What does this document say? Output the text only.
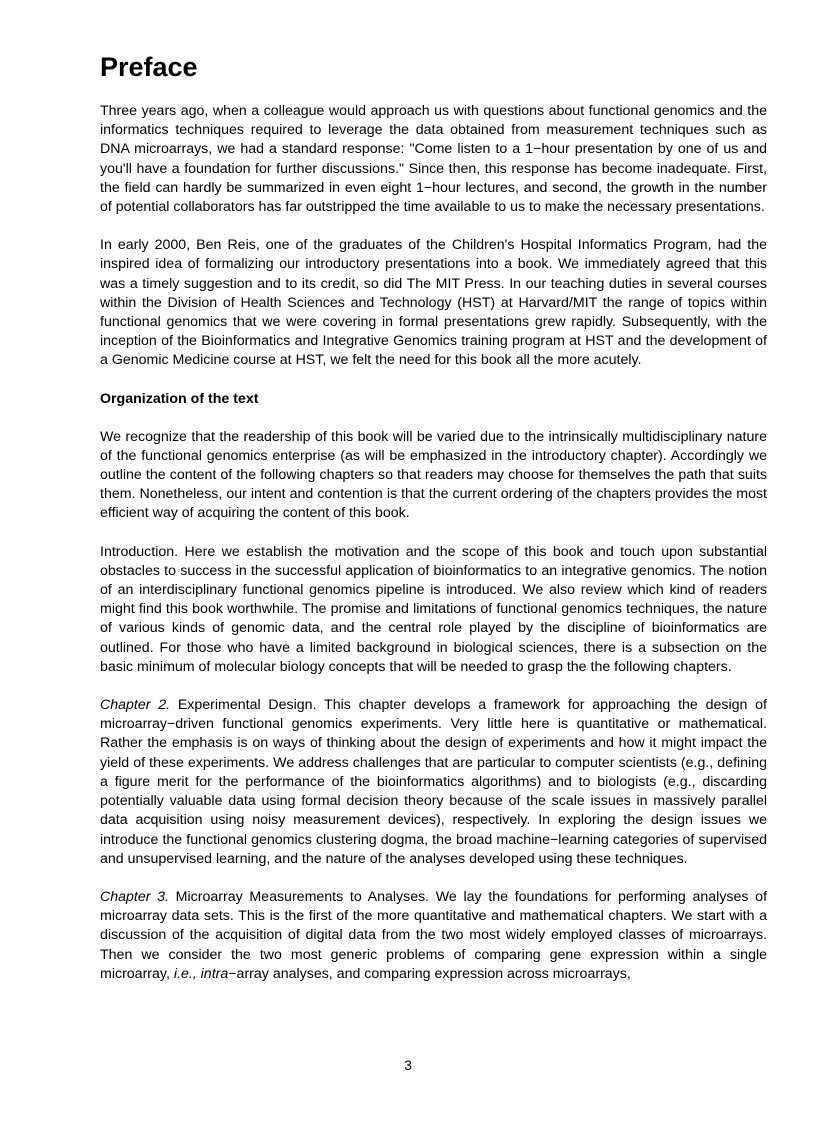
Preface

Three years ago, when a colleague would approach us with questions about functional genomics and the informatics techniques required to leverage the data obtained from measurement techniques such as DNA microarrays, we had a standard response: "Come listen to a 1−hour presentation by one of us and you'll have a foundation for further discussions." Since then, this response has become inadequate. First, the field can hardly be summarized in even eight 1−hour lectures, and second, the growth in the number of potential collaborators has far outstripped the time available to us to make the necessary presentations.

In early 2000, Ben Reis, one of the graduates of the Children's Hospital Informatics Program, had the inspired idea of formalizing our introductory presentations into a book. We immediately agreed that this was a timely suggestion and to its credit, so did The MIT Press. In our teaching duties in several courses within the Division of Health Sciences and Technology (HST) at Harvard/MIT the range of topics within functional genomics that we were covering in formal presentations grew rapidly. Subsequently, with the inception of the Bioinformatics and Integrative Genomics training program at HST and the development of a Genomic Medicine course at HST, we felt the need for this book all the more acutely.

Organization of the text

We recognize that the readership of this book will be varied due to the intrinsically multidisciplinary nature of the functional genomics enterprise (as will be emphasized in the introductory chapter). Accordingly we outline the content of the following chapters so that readers may choose for themselves the path that suits them. Nonetheless, our intent and contention is that the current ordering of the chapters provides the most efficient way of acquiring the content of this book.

Introduction. Here we establish the motivation and the scope of this book and touch upon substantial obstacles to success in the successful application of bioinformatics to an integrative genomics. The notion of an interdisciplinary functional genomics pipeline is introduced. We also review which kind of readers might find this book worthwhile. The promise and limitations of functional genomics techniques, the nature of various kinds of genomic data, and the central role played by the discipline of bioinformatics are outlined. For those who have a limited background in biological sciences, there is a subsection on the basic minimum of molecular biology concepts that will be needed to grasp the the following chapters.

Chapter 2. Experimental Design. This chapter develops a framework for approaching the design of microarray−driven functional genomics experiments. Very little here is quantitative or mathematical. Rather the emphasis is on ways of thinking about the design of experiments and how it might impact the yield of these experiments. We address challenges that are particular to computer scientists (e.g., defining a figure merit for the performance of the bioinformatics algorithms) and to biologists (e.g., discarding potentially valuable data using formal decision theory because of the scale issues in massively parallel data acquisition using noisy measurement devices), respectively. In exploring the design issues we introduce the functional genomics clustering dogma, the broad machine−learning categories of supervised and unsupervised learning, and the nature of the analyses developed using these techniques.

Chapter 3. Microarray Measurements to Analyses. We lay the foundations for performing analyses of microarray data sets. This is the first of the more quantitative and mathematical chapters. We start with a discussion of the acquisition of digital data from the two most widely employed classes of microarrays. Then we consider the two most generic problems of comparing gene expression within a single microarray, i.e., intra−array analyses, and comparing expression across microarrays,

3
